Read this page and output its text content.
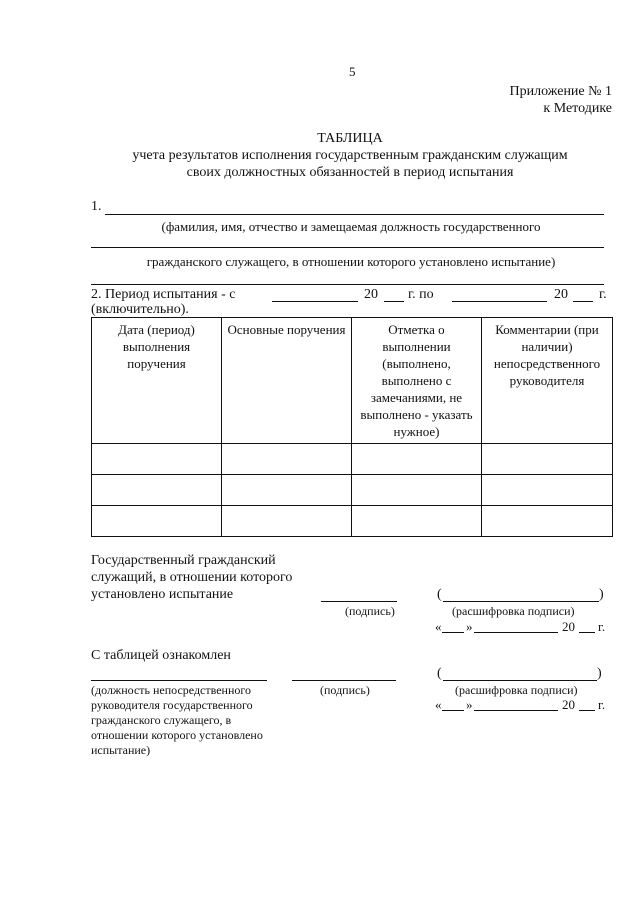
5
Приложение № 1
к Методике
ТАБЛИЦА
учета результатов исполнения государственным гражданским служащим
своих должностных обязанностей в период испытания
1.
(фамилия, имя, отчество и замещаемая должность государственного
гражданского служащего, в отношении которого установлено испытание)
2. Период испытания - с	20 г. по	20 г.
(включительно).
Дата (период) выполнения поручения	Основные поручения	Отметка о выполнении (выполнено, выполнено с замечаниями, не выполнено - указать нужное)	Комментарии (при наличии) непосредственного руководителя

Государственный гражданский
служащий, в отношении которого
установлено испытание
(подпись)
(	)
(расшифровка подписи)
« »	20 г.
С таблицей ознакомлен
(должность непосредственного
руководителя государственного
гражданского служащего, в
отношении которого установлено
испытание)
(подпись)
(	)
(расшифровка подписи)
« »	20 г.
